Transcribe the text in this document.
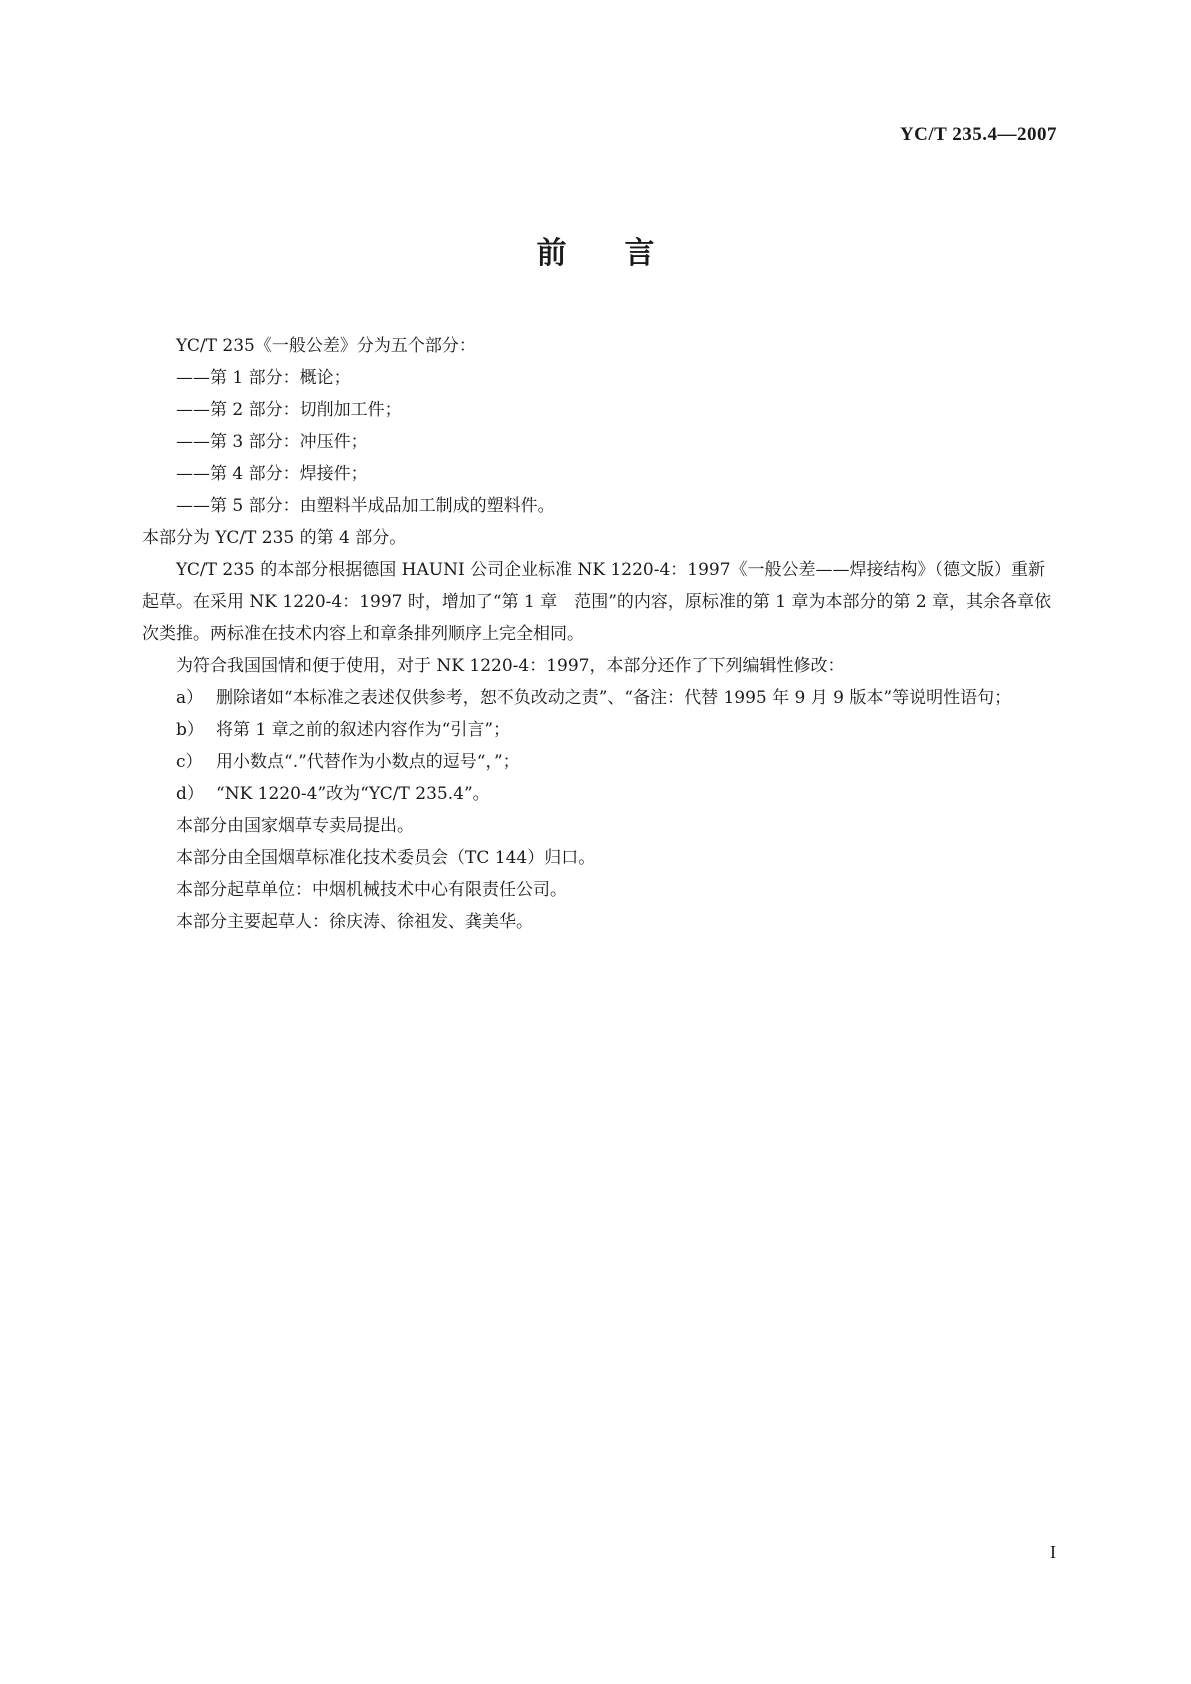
YC/T 235.4—2007
前言

YC/T 235《一般公差》分为五个部分：

——第 1 部分：概论；

——第 2 部分：切削加工件；

——第 3 部分：冲压件；

——第 4 部分：焊接件；

——第 5 部分：由塑料半成品加工制成的塑料件。

本部分为 YC/T 235 的第 4 部分。

YC/T 235 的本部分根据德国 HAUNI 公司企业标准 NK 1220-4：1997《一般公差——焊接结构》（德文版）重新起草。在采用 NK 1220-4：1997 时，增加了“第 1 章　范围”的内容，原标准的第 1 章为本部分的第 2 章，其余各章依次类推。两标准在技术内容上和章条排列顺序上完全相同。

为符合我国国情和便于使用，对于 NK 1220-4：1997，本部分还作了下列编辑性修改：

a） 删除诸如“本标准之表述仅供参考，恕不负改动之责”、“备注：代替 1995 年 9 月 9 版本”等说明性语句；
b） 将第 1 章之前的叙述内容作为“引言”；
c） 用小数点“.”代替作为小数点的逗号“，”；
d） “NK 1220-4”改为“YC/T 235.4”。

本部分由国家烟草专卖局提出。

本部分由全国烟草标准化技术委员会（TC 144）归口。

本部分起草单位：中烟机械技术中心有限责任公司。

本部分主要起草人：徐庆涛、徐祖发、龚美华。

I
